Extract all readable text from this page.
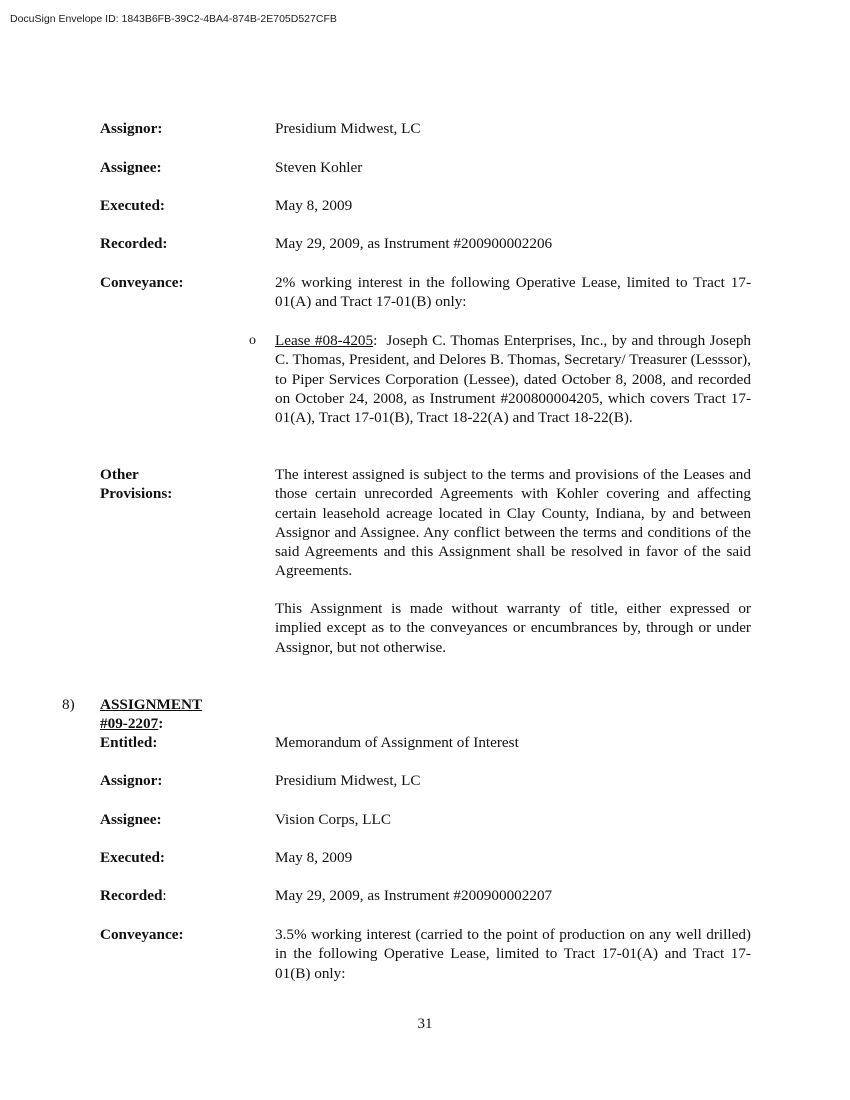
DocuSign Envelope ID: 1843B6FB-39C2-4BA4-874B-2E705D527CFB
Assignor:	Presidium Midwest, LC
Assignee:	Steven Kohler
Executed:	May 8, 2009
Recorded:	May 29, 2009, as Instrument #200900002206
Conveyance:	2% working interest in the following Operative Lease, limited to Tract 17-01(A) and Tract 17-01(B) only:
o Lease #08-4205: Joseph C. Thomas Enterprises, Inc., by and through Joseph C. Thomas, President, and Delores B. Thomas, Secretary/ Treasurer (Lesssor), to Piper Services Corporation (Lessee), dated October 8, 2008, and recorded on October 24, 2008, as Instrument #200800004205, which covers Tract 17-01(A), Tract 17-01(B), Tract 18-22(A) and Tract 18-22(B).
Other Provisions:
The interest assigned is subject to the terms and provisions of the Leases and those certain unrecorded Agreements with Kohler covering and affecting certain leasehold acreage located in Clay County, Indiana, by and between Assignor and Assignee. Any conflict between the terms and conditions of the said Agreements and this Assignment shall be resolved in favor of the said Agreements.
This Assignment is made without warranty of title, either expressed or implied except as to the conveyances or encumbrances by, through or under Assignor, but not otherwise.
8) ASSIGNMENT #09-2207:
Entitled:	Memorandum of Assignment of Interest
Assignor:	Presidium Midwest, LC
Assignee:	Vision Corps, LLC
Executed:	May 8, 2009
Recorded:	May 29, 2009, as Instrument #200900002207
Conveyance:	3.5% working interest (carried to the point of production on any well drilled) in the following Operative Lease, limited to Tract 17-01(A) and Tract 17-01(B) only:
31
